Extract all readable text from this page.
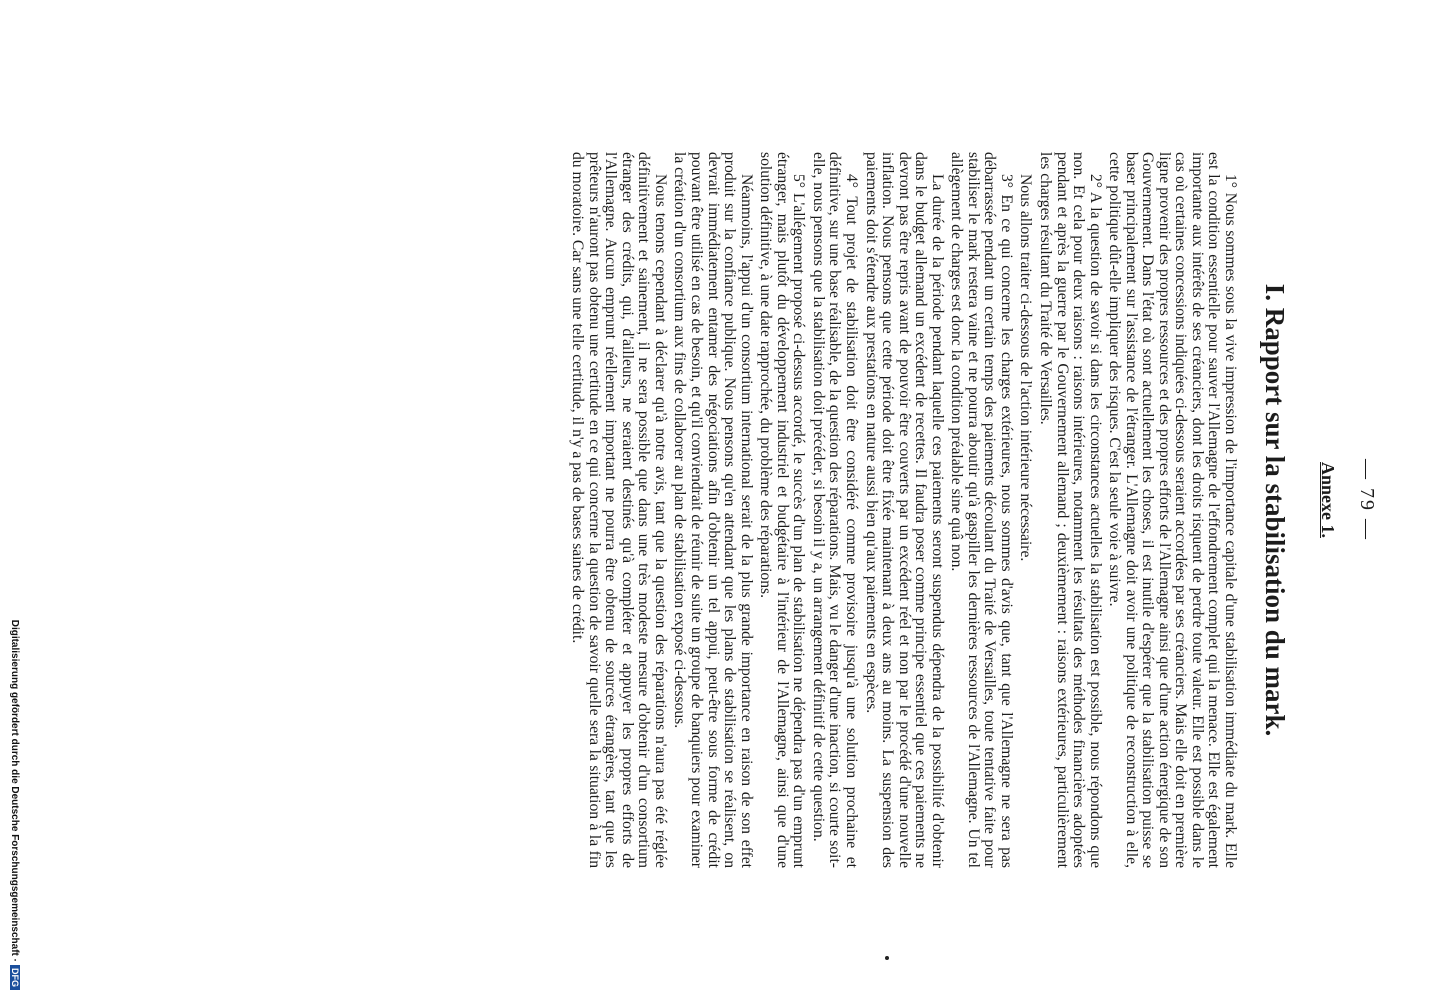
— 79 —
Annexe 1.
I. Rapport sur la stabilisation du mark.

1° Nous sommes sous la vive impression de l'importance capitale d'une stabilisation immédiate du mark. Elle est la condition essentielle pour sauver l'Allemagne de l'effondrement complet qui la menace. Elle est également importante aux intérêts de ses créanciers, dont les droits risquent de perdre toute valeur. Elle est possible dans le cas où certaines concessions indiquées ci-dessous seraient accordées par ses créanciers. Mais elle doit en première ligne provenir des propres ressources et des propres efforts de l'Allemagne ainsi que d'une action énergique de son Gouvernement. Dans l'état où sont actuellement les choses, il est inutile d'espérer que la stabilisation puisse se baser principalement sur l'assistance de l'étranger. L'Allemagne doit avoir une politique de reconstruction à elle, cette politique dût-elle impliquer des risques. C'est la seule voie à suivre.

2° A la question de savoir si dans les circonstances actuelles la stabilisation est possible, nous répondons que non. Et cela pour deux raisons : raisons intérieures, notamment les résultats des méthodes financières adoptées pendant et après la guerre par le Gouvernement allemand ; deuxièmement : raisons extérieures, particulièrement les charges résultant du Traité de Versailles.

Nous allons traiter ci-dessous de l'action intérieure nécessaire.

3° En ce qui concerne les charges extérieures, nous sommes d'avis que, tant que l'Allemagne ne sera pas débarrassée pendant un certain temps des paiements découlant du Traité de Versailles, toute tentative faite pour stabiliser le mark restera vaine et ne pourra aboutir qu'à gaspiller les dernières ressources de l'Allemagne. Un tel allègement de charges est donc la condition préalable sine quâ non.

La durée de la période pendant laquelle ces paiements seront suspendus dépendra de la possibilité d'obtenir dans le budget allemand un excédent de recettes. Il faudra poser comme principe essentiel que ces paiements ne devront pas être repris avant de pouvoir être couverts par un excédent réel et non par le procédé d'une nouvelle inflation. Nous pensons que cette période doit être fixée maintenant à deux ans au moins. La suspension des paiements doit s'étendre aux prestations en nature aussi bien qu'aux paiements en espèces.

4° Tout projet de stabilisation doit être considéré comme provisoire jusqu'à une solution prochaine et définitive, sur une base réalisable, de la question des réparations. Mais, vu le danger d'une inaction, si courte soit-elle, nous pensons que la stabilisation doit précéder, si besoin il y a, un arrangement définitif de cette question.

5° L'allégement proposé ci-dessus accordé, le succès d'un plan de stabilisation ne dépendra pas d'un emprunt étranger, mais plutôt du développement industriel et budgétaire à l'intérieur de l'Allemagne, ainsi que d'une solution définitive, à une date rapprochée, du problème des réparations.

Néanmoins, l'appui d'un consortium international serait de la plus grande importance en raison de son effet produit sur la confiance publique. Nous pensons qu'en attendant que les plans de stabilisation se réalisent, on devrait immédiatement entamer des négociations afin d'obtenir un tel appui, peut-être sous forme de crédit pouvant être utilisé en cas de besoin, et qu'il conviendrait de réunir de suite un groupe de banquiers pour examiner la création d'un consortium aux fins de collaborer au plan de stabilisation exposé ci-dessous.

Nous tenons cependant à déclarer qu'à notre avis, tant que la question des réparations n'aura pas été réglée définitivement et sainement, il ne sera possible que dans une très modeste mesure d'obtenir d'un consortium étranger des crédits, qui, d'ailleurs, ne seraient destinés qu'à compléter et appuyer les propres efforts de l'Allemagne. Aucun emprunt réellement important ne pourra être obtenu de sources étrangères, tant que les prêteurs n'auront pas obtenu une certitude en ce qui concerne la question de savoir quelle sera la situation à la fin du moratoire. Car sans une telle certitude, il n'y a pas de bases saines de crédit.

Digitalisierung gefördert durch die Deutsche Forschungsgemeinschaft ·DFG
